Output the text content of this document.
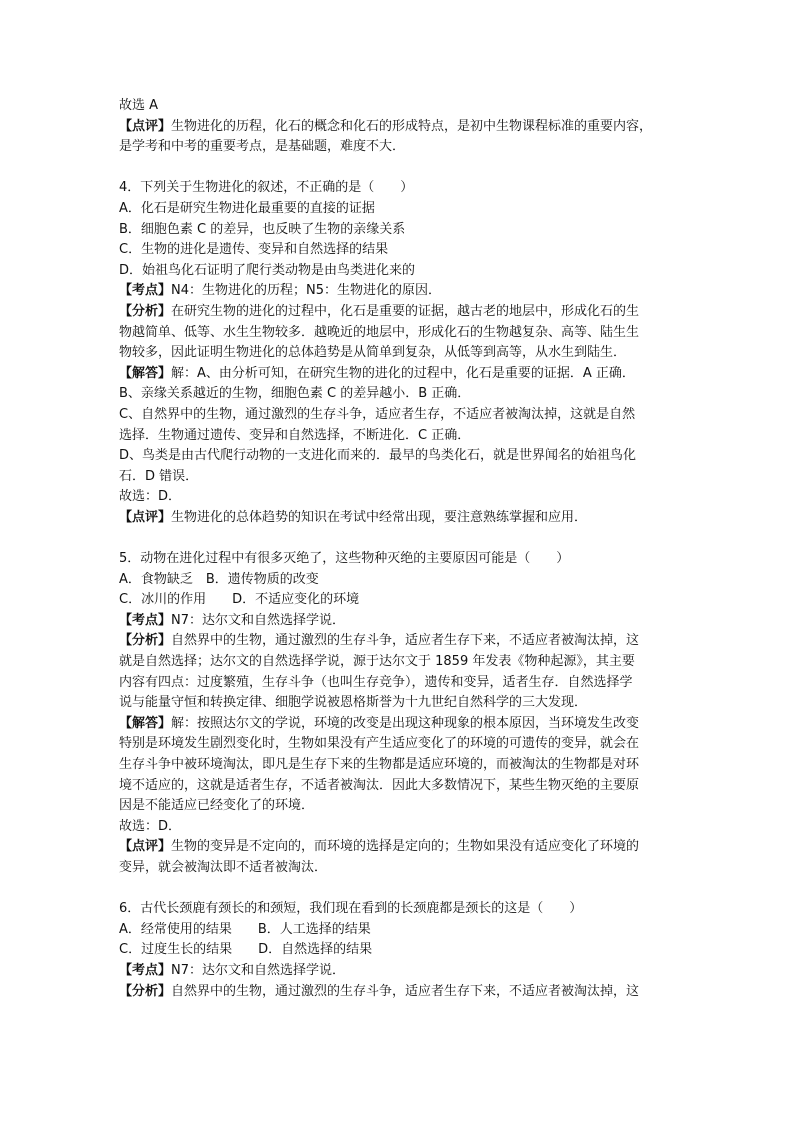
故选 A
【点评】生物进化的历程，化石的概念和化石的形成特点，是初中生物课程标准的重要内容，
是学考和中考的重要考点，是基础题，难度不大．
4．下列关于生物进化的叙述，不正确的是（　　）
A．化石是研究生物进化最重要的直接的证据
B．细胞色素 C 的差异，也反映了生物的亲缘关系
C．生物的进化是遗传、变异和自然选择的结果
D．始祖鸟化石证明了爬行类动物是由鸟类进化来的
【考点】N4：生物进化的历程；N5：生物进化的原因．
【分析】在研究生物的进化的过程中，化石是重要的证据，越古老的地层中，形成化石的生
物越简单、低等、水生生物较多．越晚近的地层中，形成化石的生物越复杂、高等、陆生生
物较多，因此证明生物进化的总体趋势是从简单到复杂，从低等到高等，从水生到陆生．
【解答】解：A、由分析可知，在研究生物的进化的过程中，化石是重要的证据．A 正确．
B、亲缘关系越近的生物，细胞色素 C 的差异越小．B 正确．
C、自然界中的生物，通过激烈的生存斗争，适应者生存，不适应者被淘汰掉，这就是自然
选择．生物通过遗传、变异和自然选择，不断进化．C 正确．
D、鸟类是由古代爬行动物的一支进化而来的．最早的鸟类化石，就是世界闻名的始祖鸟化
石．D 错误．
故选：D．
【点评】生物进化的总体趋势的知识在考试中经常出现，要注意熟练掌握和应用．
5．动物在进化过程中有很多灭绝了，这些物种灭绝的主要原因可能是（　　）
A．食物缺乏　B．遗传物质的改变
C．冰川的作用　　D．不适应变化的环境
【考点】N7：达尔文和自然选择学说．
【分析】自然界中的生物，通过激烈的生存斗争，适应者生存下来，不适应者被淘汰掉，这
就是自然选择；达尔文的自然选择学说，源于达尔文于 1859 年发表《物种起源》，其主要
内容有四点：过度繁殖，生存斗争（也叫生存竞争），遗传和变异，适者生存．自然选择学
说与能量守恒和转换定律、细胞学说被恩格斯誉为十九世纪自然科学的三大发现．
【解答】解：按照达尔文的学说，环境的改变是出现这种现象的根本原因，当环境发生改变
特别是环境发生剧烈变化时，生物如果没有产生适应变化了的环境的可遗传的变异，就会在
生存斗争中被环境淘汰，即凡是生存下来的生物都是适应环境的，而被淘汰的生物都是对环
境不适应的，这就是适者生存，不适者被淘汰．因此大多数情况下，某些生物灭绝的主要原
因是不能适应已经变化了的环境．
故选：D．
【点评】生物的变异是不定向的，而环境的选择是定向的；生物如果没有适应变化了环境的
变异，就会被淘汰即不适者被淘汰．
6．古代长颈鹿有颈长的和颈短，我们现在看到的长颈鹿都是颈长的这是（　　）
A．经常使用的结果　　B．人工选择的结果
C．过度生长的结果　　D．自然选择的结果
【考点】N7：达尔文和自然选择学说．
【分析】自然界中的生物，通过激烈的生存斗争，适应者生存下来，不适应者被淘汰掉，这
